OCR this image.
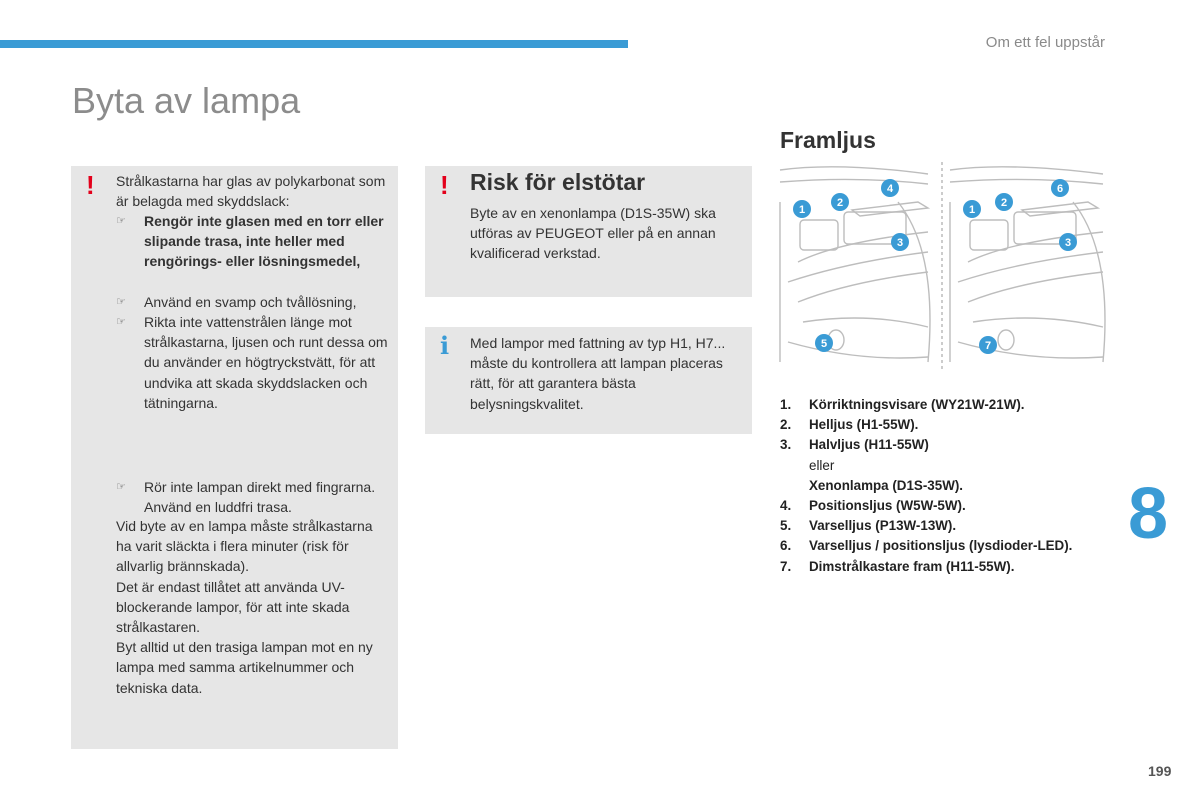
Om ett fel uppstår
Byta av lampa
! Strålkastarna har glas av polykarbonat som är belagda med skyddslack:
☞ Rengör inte glasen med en torr eller slipande trasa, inte heller med rengörings- eller lösningsmedel,
☞ Använd en svamp och tvållösning,
☞ Rikta inte vattenstrålen länge mot strålkastarna, ljusen och runt dessa om du använder en högtryckstvätt, för att undvika att skada skyddslacken och tätningarna.
☞ Rör inte lampan direkt med fingrarna. Använd en luddfri trasa.
Vid byte av en lampa måste strålkastarna ha varit släckta i flera minuter (risk för allvarlig brännskada).
Det är endast tillåtet att använda UV-blockerande lampor, för att inte skada strålkastaren.
Byt alltid ut den trasiga lampan mot en ny lampa med samma artikelnummer och tekniska data.
! Risk för elstötar
Byte av en xenonlampa (D1S-35W) ska utföras av PEUGEOT eller på en annan kvalificerad verkstad.
i Med lampor med fattning av typ H1, H7... måste du kontrollera att lampan placeras rätt, för att garantera bästa belysningskvalitet.
Framljus
1
2
3
4
5
1
2
3
6
7
1. Körriktningsvisare (WY21W-21W).
2. Helljus (H1-55W).
3. Halvljus (H11-55W)
eller
Xenonlampa (D1S-35W).
4. Positionsljus (W5W-5W).
5. Varselljus (P13W-13W).
6. Varselljus / positionsljus (lysdioder-LED).
7. Dimstrålkastare fram (H11-55W).
8
199
